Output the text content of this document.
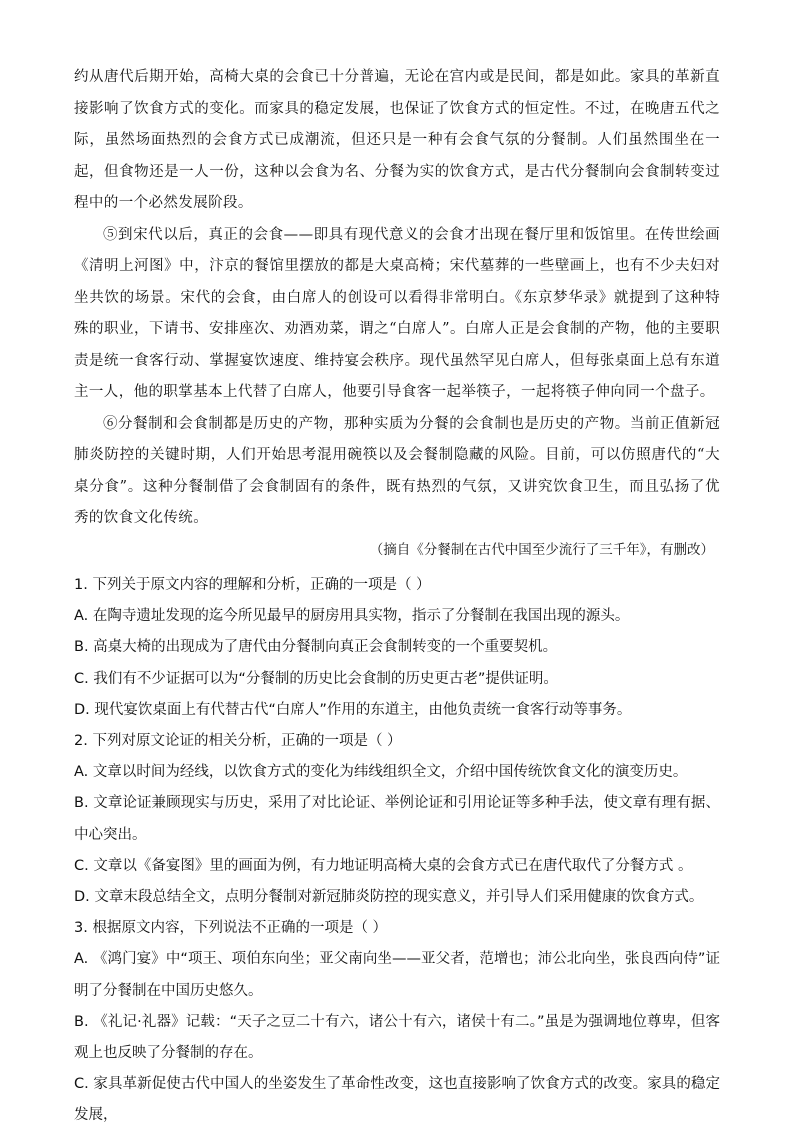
约从唐代后期开始，高椅大桌的会食已十分普遍，无论在宫内或是民间，都是如此。家具的革新直接影响了饮食方式的变化。而家具的稳定发展，也保证了饮食方式的恒定性。不过，在晚唐五代之际，虽然场面热烈的会食方式已成潮流，但还只是一种有会食气氛的分餐制。人们虽然围坐在一起，但食物还是一人一份，这种以会食为名、分餐为实的饮食方式，是古代分餐制向会食制转变过程中的一个必然发展阶段。

⑤到宋代以后，真正的会食——即具有现代意义的会食才出现在餐厅里和饭馆里。在传世绘画《清明上河图》中，汴京的餐馆里摆放的都是大桌高椅；宋代墓葬的一些壁画上，也有不少夫妇对坐共饮的场景。宋代的会食，由白席人的创设可以看得非常明白。《东京梦华录》就提到了这种特殊的职业，下请书、安排座次、劝酒劝菜，谓之“白席人”。白席人正是会食制的产物，他的主要职责是统一食客行动、掌握宴饮速度、维持宴会秩序。现代虽然罕见白席人，但每张桌面上总有东道主一人，他的职掌基本上代替了白席人，他要引导食客一起举筷子，一起将筷子伸向同一个盘子。

⑥分餐制和会食制都是历史的产物，那种实质为分餐的会食制也是历史的产物。当前正值新冠肺炎防控的关键时期，人们开始思考混用碗筷以及会餐制隐藏的风险。目前，可以仿照唐代的“大桌分食”。这种分餐制借了会食制固有的条件，既有热烈的气氛，又讲究饮食卫生，而且弘扬了优秀的饮食文化传统。

（摘自《分餐制在古代中国至少流行了三千年》，有删改）

1. 下列关于原文内容的理解和分析，正确的一项是（ ）

A. 在陶寺遗址发现的迄今所见最早的厨房用具实物，指示了分餐制在我国出现的源头。

B. 高桌大椅的出现成为了唐代由分餐制向真正会食制转变的一个重要契机。

C. 我们有不少证据可以为“分餐制的历史比会食制的历史更古老”提供证明。

D. 现代宴饮桌面上有代替古代“白席人”作用的东道主，由他负责统一食客行动等事务。

2. 下列对原文论证的相关分析，正确的一项是（ ）

A. 文章以时间为经线，以饮食方式的变化为纬线组织全文，介绍中国传统饮食文化的演变历史。

B. 文章论证兼顾现实与历史，采用了对比论证、举例论证和引用论证等多种手法，使文章有理有据、中心突出。

C. 文章以《备宴图》里的画面为例，有力地证明高椅大桌的会食方式已在唐代取代了分餐方式 。

D. 文章末段总结全文，点明分餐制对新冠肺炎防控的现实意义，并引导人们采用健康的饮食方式。

3. 根据原文内容，下列说法不正确的一项是（ ）

A. 《鸿门宴》中“项王、项伯东向坐；亚父南向坐——亚父者，范增也；沛公北向坐，张良西向侍”证明了分餐制在中国历史悠久。

B. 《礼记·礼器》记载：“天子之豆二十有六，诸公十有六，诸侯十有二。”虽是为强调地位尊卑，但客观上也反映了分餐制的存在。

C. 家具革新促使古代中国人的坐姿发生了革命性改变，这也直接影响了饮食方式的改变。家具的稳定发展，
